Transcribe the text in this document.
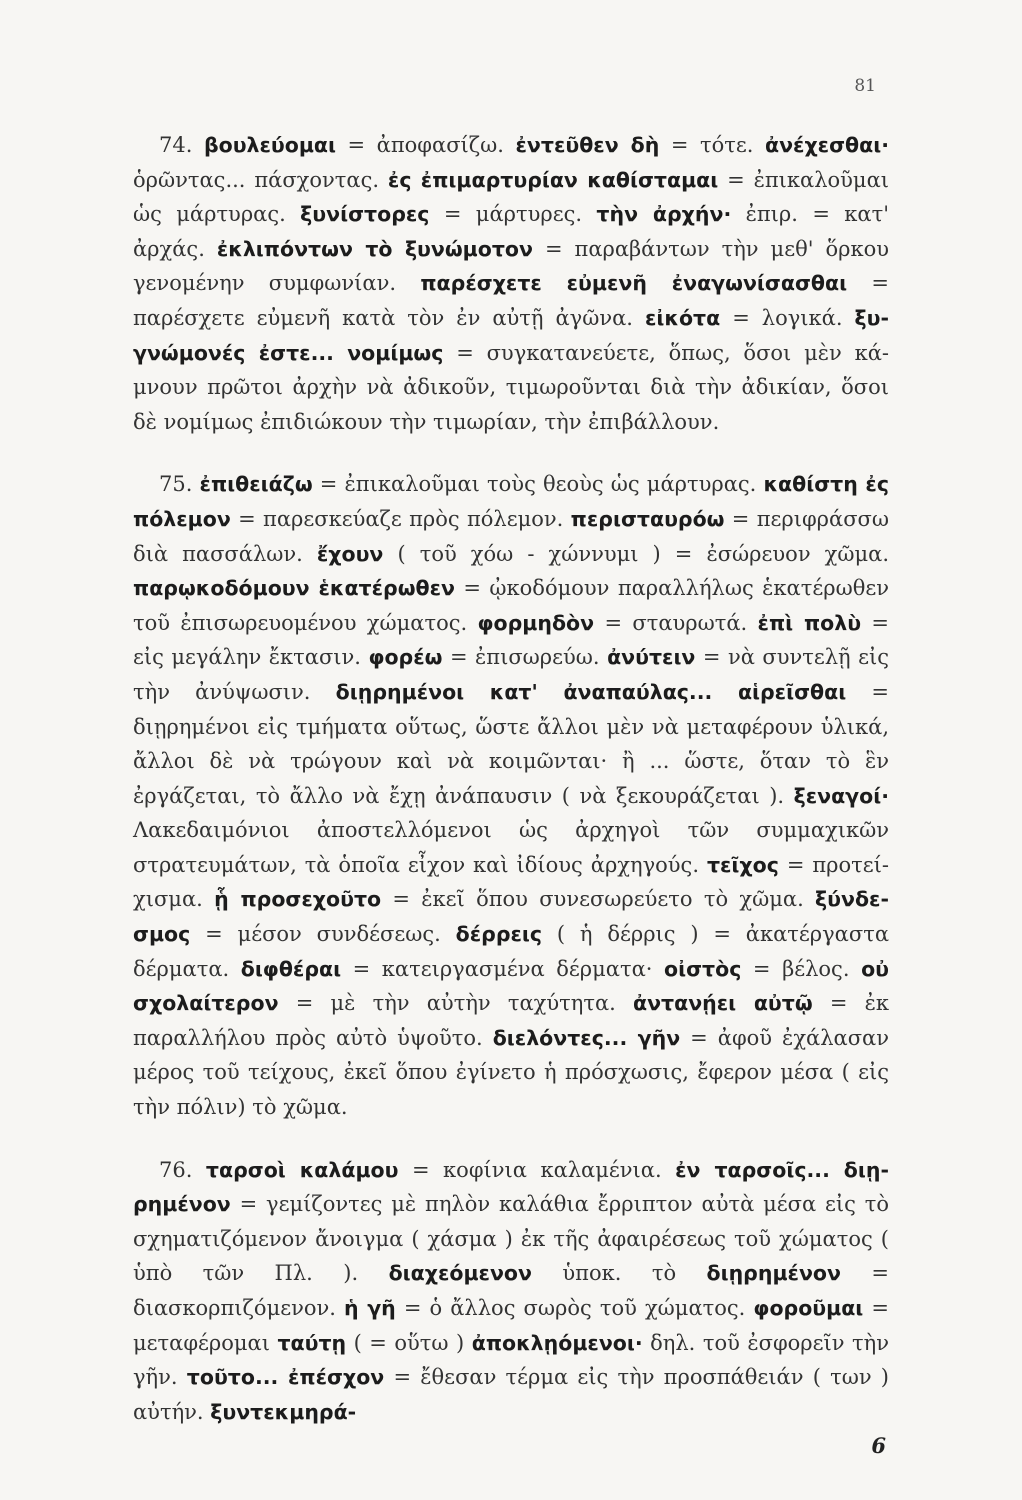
81

74. βουλεύομαι = ἀποφασίζω. ἐντεῦθεν δὴ = τότε. ἀνέχεσθαι· ὁρῶντας... πάσχοντας. ἐς ἐπιμαρτυρίαν καθίσταμαι = ἐπικαλοῦμαι ὡς μάρτυρας. ξυνίστορες = μάρτυρες. τὴν ἀρχήν· ἐπιρ. = κατ' ἀρχάς. ἐκλιπόντων τὸ ξυνώμοτον = παραβάντων τὴν μεθ' ὅρκου γενομένην συμφωνίαν. παρέσχετε εὐμενῆ ἐναγωνίσασθαι = παρέσχετε εὐμενῆ κατὰ τὸν ἐν αὐτῇ ἀγῶνα. εἰκότα = λογικά. ξυγνώμονές ἐστε... νομίμως = συγκατανεύετε, ὅπως, ὅσοι μὲν κάμνουν πρῶτοι ἀρχὴν νὰ ἀδικοῦν, τιμωροῦνται διὰ τὴν ἀδικίαν, ὅσοι δὲ νομίμως ἐπιδιώκουν τὴν τιμωρίαν, τὴν ἐπιβάλλουν.

75. ἐπιθειάζω = ἐπικαλοῦμαι τοὺς θεοὺς ὡς μάρτυρας. καθίστη ἐς πόλεμον = παρεσκεύαζε πρὸς πόλεμον. περισταυρόω = περιφράσσω διὰ πασσάλων. ἔχουν ( τοῦ χόω - χώννυμι ) = ἐσώρευον χῶμα. παρῳκοδόμουν ἑκατέρωθεν = ᾠκοδόμουν παραλλήλως ἑκατέρωθεν τοῦ ἐπισωρευομένου χώματος. φορμηδὸν = σταυρωτά. ἐπὶ πολὺ = εἰς μεγάλην ἔκτασιν. φορέω = ἐπισωρεύω. ἀνύτειν = νὰ συντελῇ εἰς τὴν ἀνύψωσιν. διῃρημένοι κατ' ἀναπαύλας... αἱρεῖσθαι = διῃρημένοι εἰς τμήματα οὕτως, ὥστε ἄλλοι μὲν νὰ μεταφέρουν ὑλικά, ἄλλοι δὲ νὰ τρώγουν καὶ νὰ κοιμῶνται· ἢ ... ὥστε, ὅταν τὸ ἓν ἐργάζεται, τὸ ἄλλο νὰ ἔχῃ ἀνάπαυσιν ( νὰ ξεκουράζεται ). ξεναγοί· Λακεδαιμόνιοι ἀποστελλόμενοι ὡς ἀρχηγοὶ τῶν συμμαχικῶν στρατευμάτων, τὰ ὁποῖα εἶχον καὶ ἰδίους ἀρχηγούς. τεῖχος = προτείχισμα. ᾗ προσεχοῦτο = ἐκεῖ ὅπου συνεσωρεύετο τὸ χῶμα. ξύνδεσμος = μέσον συνδέσεως. δέρρεις ( ἡ δέρρις ) = ἀκατέργαστα δέρματα. διφθέραι = κατειργασμένα δέρματα· οἰστὸς = βέλος. οὐ σχολαίτερον = μὲ τὴν αὐτὴν ταχύτητα. ἀντανῄει αὐτῷ = ἐκ παραλλήλου πρὸς αὐτὸ ὑψοῦτο. διελόντες... γῆν = ἀφοῦ ἐχάλασαν μέρος τοῦ τείχους, ἐκεῖ ὅπου ἐγίνετο ἡ πρόσχωσις, ἔφερον μέσα ( εἰς τὴν πόλιν) τὸ χῶμα.

76. ταρσοὶ καλάμου = κοφίνια καλαμένια. ἐν ταρσοῖς... διῃρημένον = γεμίζοντες μὲ πηλὸν καλάθια ἔρριπτον αὐτὰ μέσα εἰς τὸ σχηματιζόμενον ἄνοιγμα ( χάσμα ) ἐκ τῆς ἀφαιρέσεως τοῦ χώματος ( ὑπὸ τῶν Πλ. ). διαχεόμενον ὑποκ. τὸ διῃρημένον = διασκορπιζόμενον. ἡ γῆ = ὁ ἄλλος σωρὸς τοῦ χώματος. φοροῦμαι = μεταφέρομαι ταύτῃ ( = οὕτω ) ἀποκλῃόμενοι· δηλ. τοῦ ἐσφορεῖν τὴν γῆν. τοῦτο... ἐπέσχον = ἔθεσαν τέρμα εἰς τὴν προσπάθειάν ( των ) αὐτήν. ξυντεκμηρά-

6
